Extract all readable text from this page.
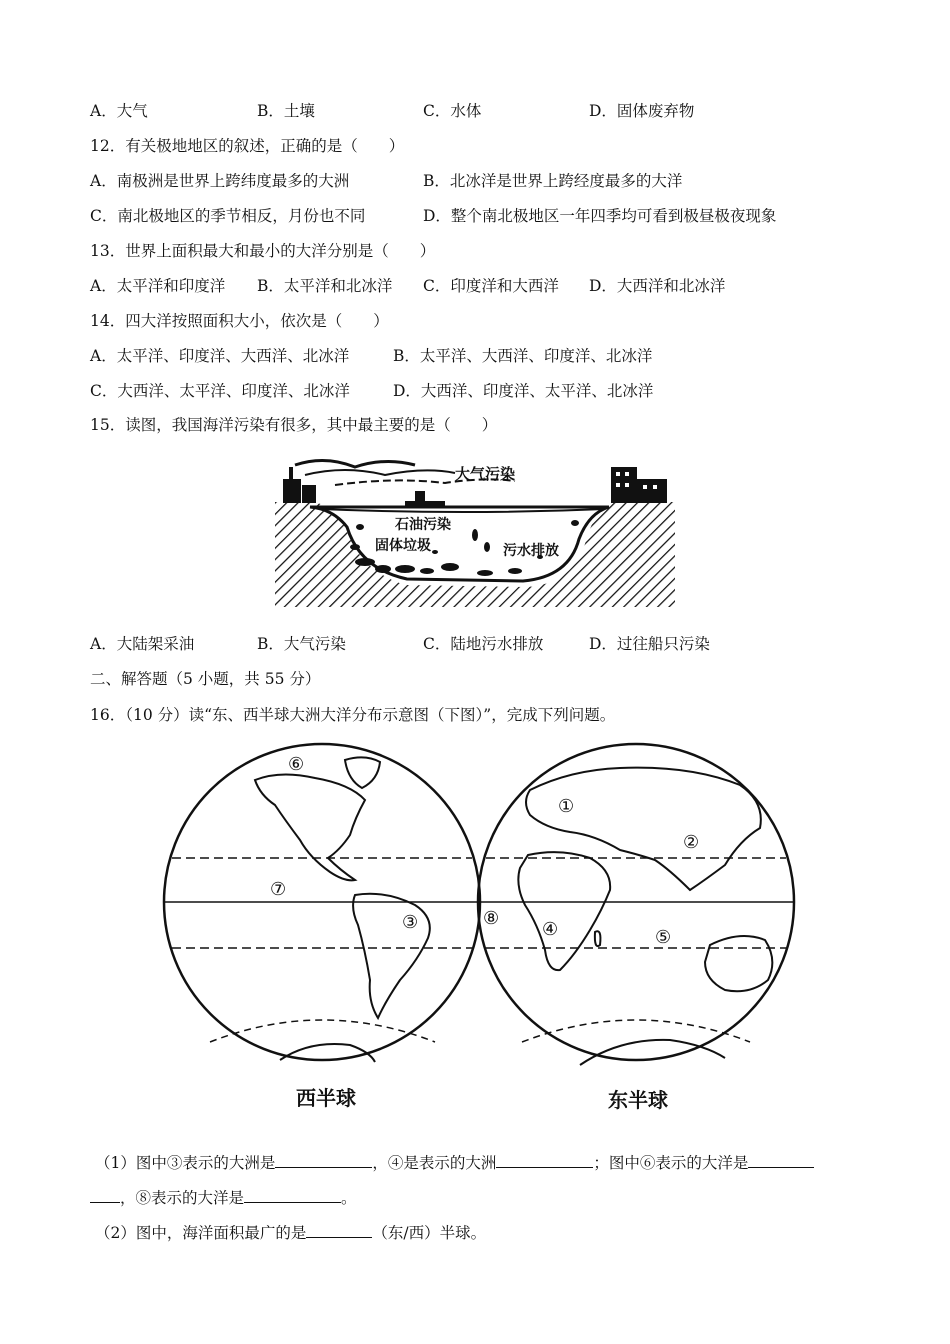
A．大气	B．土壤	C．水体	D．固体废弃物
12．有关极地地区的叙述，正确的是（　　）
A．南极洲是世界上跨纬度最多的大洲	B．北冰洋是世界上跨经度最多的大洋
C．南北极地区的季节相反，月份也不同	D．整个南北极地区一年四季均可看到极昼极夜现象
13．世界上面积最大和最小的大洋分别是（　　）
A．太平洋和印度洋 B．太平洋和北冰洋 C．印度洋和大西洋 D．大西洋和北冰洋
14．四大洋按照面积大小，依次是（　　）
A．太平洋、印度洋、大西洋、北冰洋	B．太平洋、大西洋、印度洋、北冰洋
C．大西洋、太平洋、印度洋、北冰洋	D．大西洋、印度洋、太平洋、北冰洋
15．读图，我国海洋污染有很多，其中最主要的是（　　）
大气污染
石油污染
固体垃圾	污水排放
A．大陆架采油	B．大气污染	C．陆地污水排放	D．过往船只污染
二、解答题（5 小题，共 55 分）
16．（10 分）读“东、西半球大洲大洋分布示意图（下图）”，完成下列问题。
⑥
①
②
⑦
③	⑧
④	⑤
西半球	东半球
（1）图中③表示的大洲是	，④是表示的大洲	；图中⑥表示的大洋是
，⑧表示的大洋是	。
（2）图中，海洋面积最广的是	（东/西）半球。
